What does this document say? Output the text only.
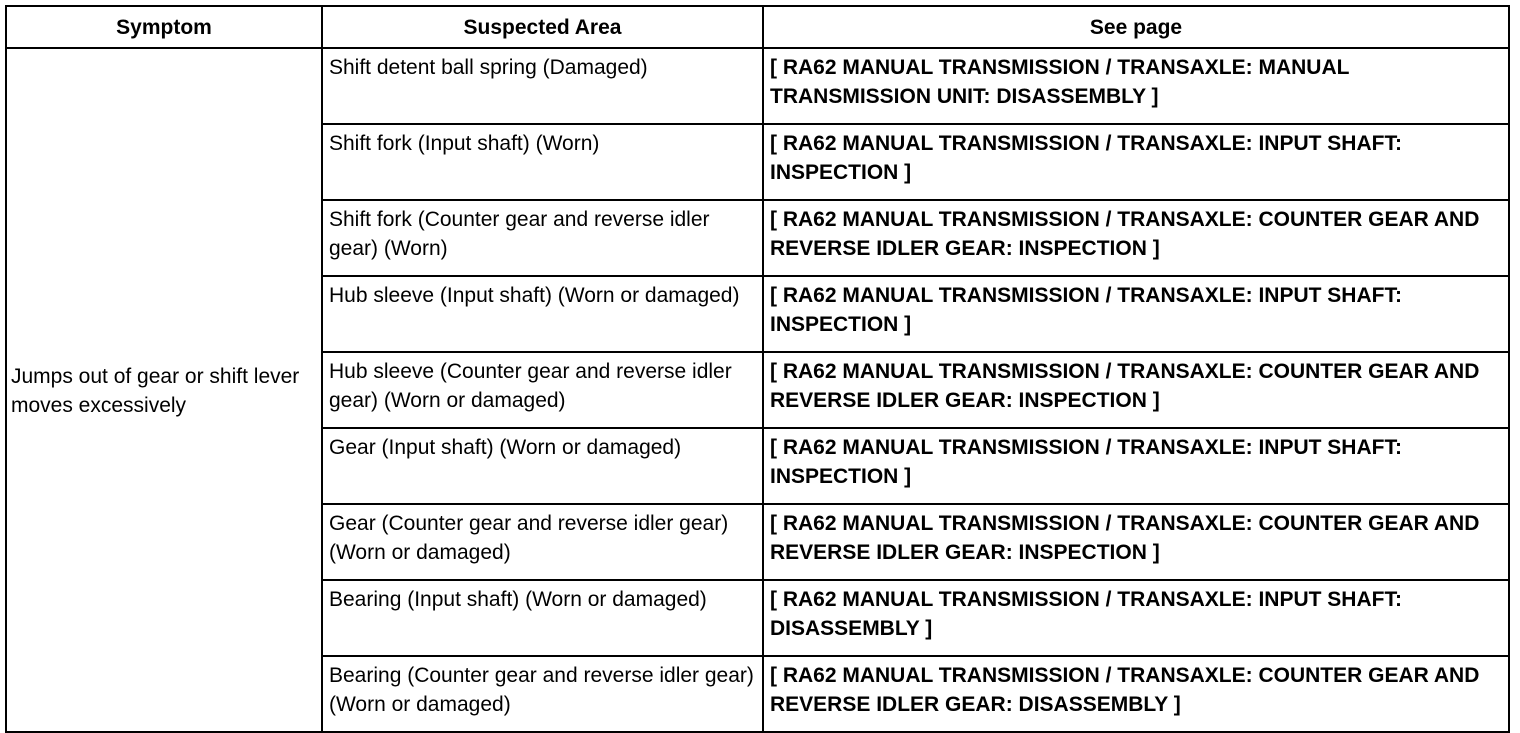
Symptom	Suspected Area	See page
Jumps out of gear or shift lever moves excessively	Shift detent ball spring (Damaged)	[ RA62 MANUAL TRANSMISSION / TRANSAXLE: MANUAL TRANSMISSION UNIT: DISASSEMBLY ]
	Shift fork (Input shaft) (Worn)	[ RA62 MANUAL TRANSMISSION / TRANSAXLE: INPUT SHAFT: INSPECTION ]
	Shift fork (Counter gear and reverse idler gear) (Worn)	[ RA62 MANUAL TRANSMISSION / TRANSAXLE: COUNTER GEAR AND REVERSE IDLER GEAR: INSPECTION ]
	Hub sleeve (Input shaft) (Worn or damaged)	[ RA62 MANUAL TRANSMISSION / TRANSAXLE: INPUT SHAFT: INSPECTION ]
	Hub sleeve (Counter gear and reverse idler gear) (Worn or damaged)	[ RA62 MANUAL TRANSMISSION / TRANSAXLE: COUNTER GEAR AND REVERSE IDLER GEAR: INSPECTION ]
	Gear (Input shaft) (Worn or damaged)	[ RA62 MANUAL TRANSMISSION / TRANSAXLE: INPUT SHAFT: INSPECTION ]
	Gear (Counter gear and reverse idler gear) (Worn or damaged)	[ RA62 MANUAL TRANSMISSION / TRANSAXLE: COUNTER GEAR AND REVERSE IDLER GEAR: INSPECTION ]
	Bearing (Input shaft) (Worn or damaged)	[ RA62 MANUAL TRANSMISSION / TRANSAXLE: INPUT SHAFT: DISASSEMBLY ]
	Bearing (Counter gear and reverse idler gear) (Worn or damaged)	[ RA62 MANUAL TRANSMISSION / TRANSAXLE: COUNTER GEAR AND REVERSE IDLER GEAR: DISASSEMBLY ]
